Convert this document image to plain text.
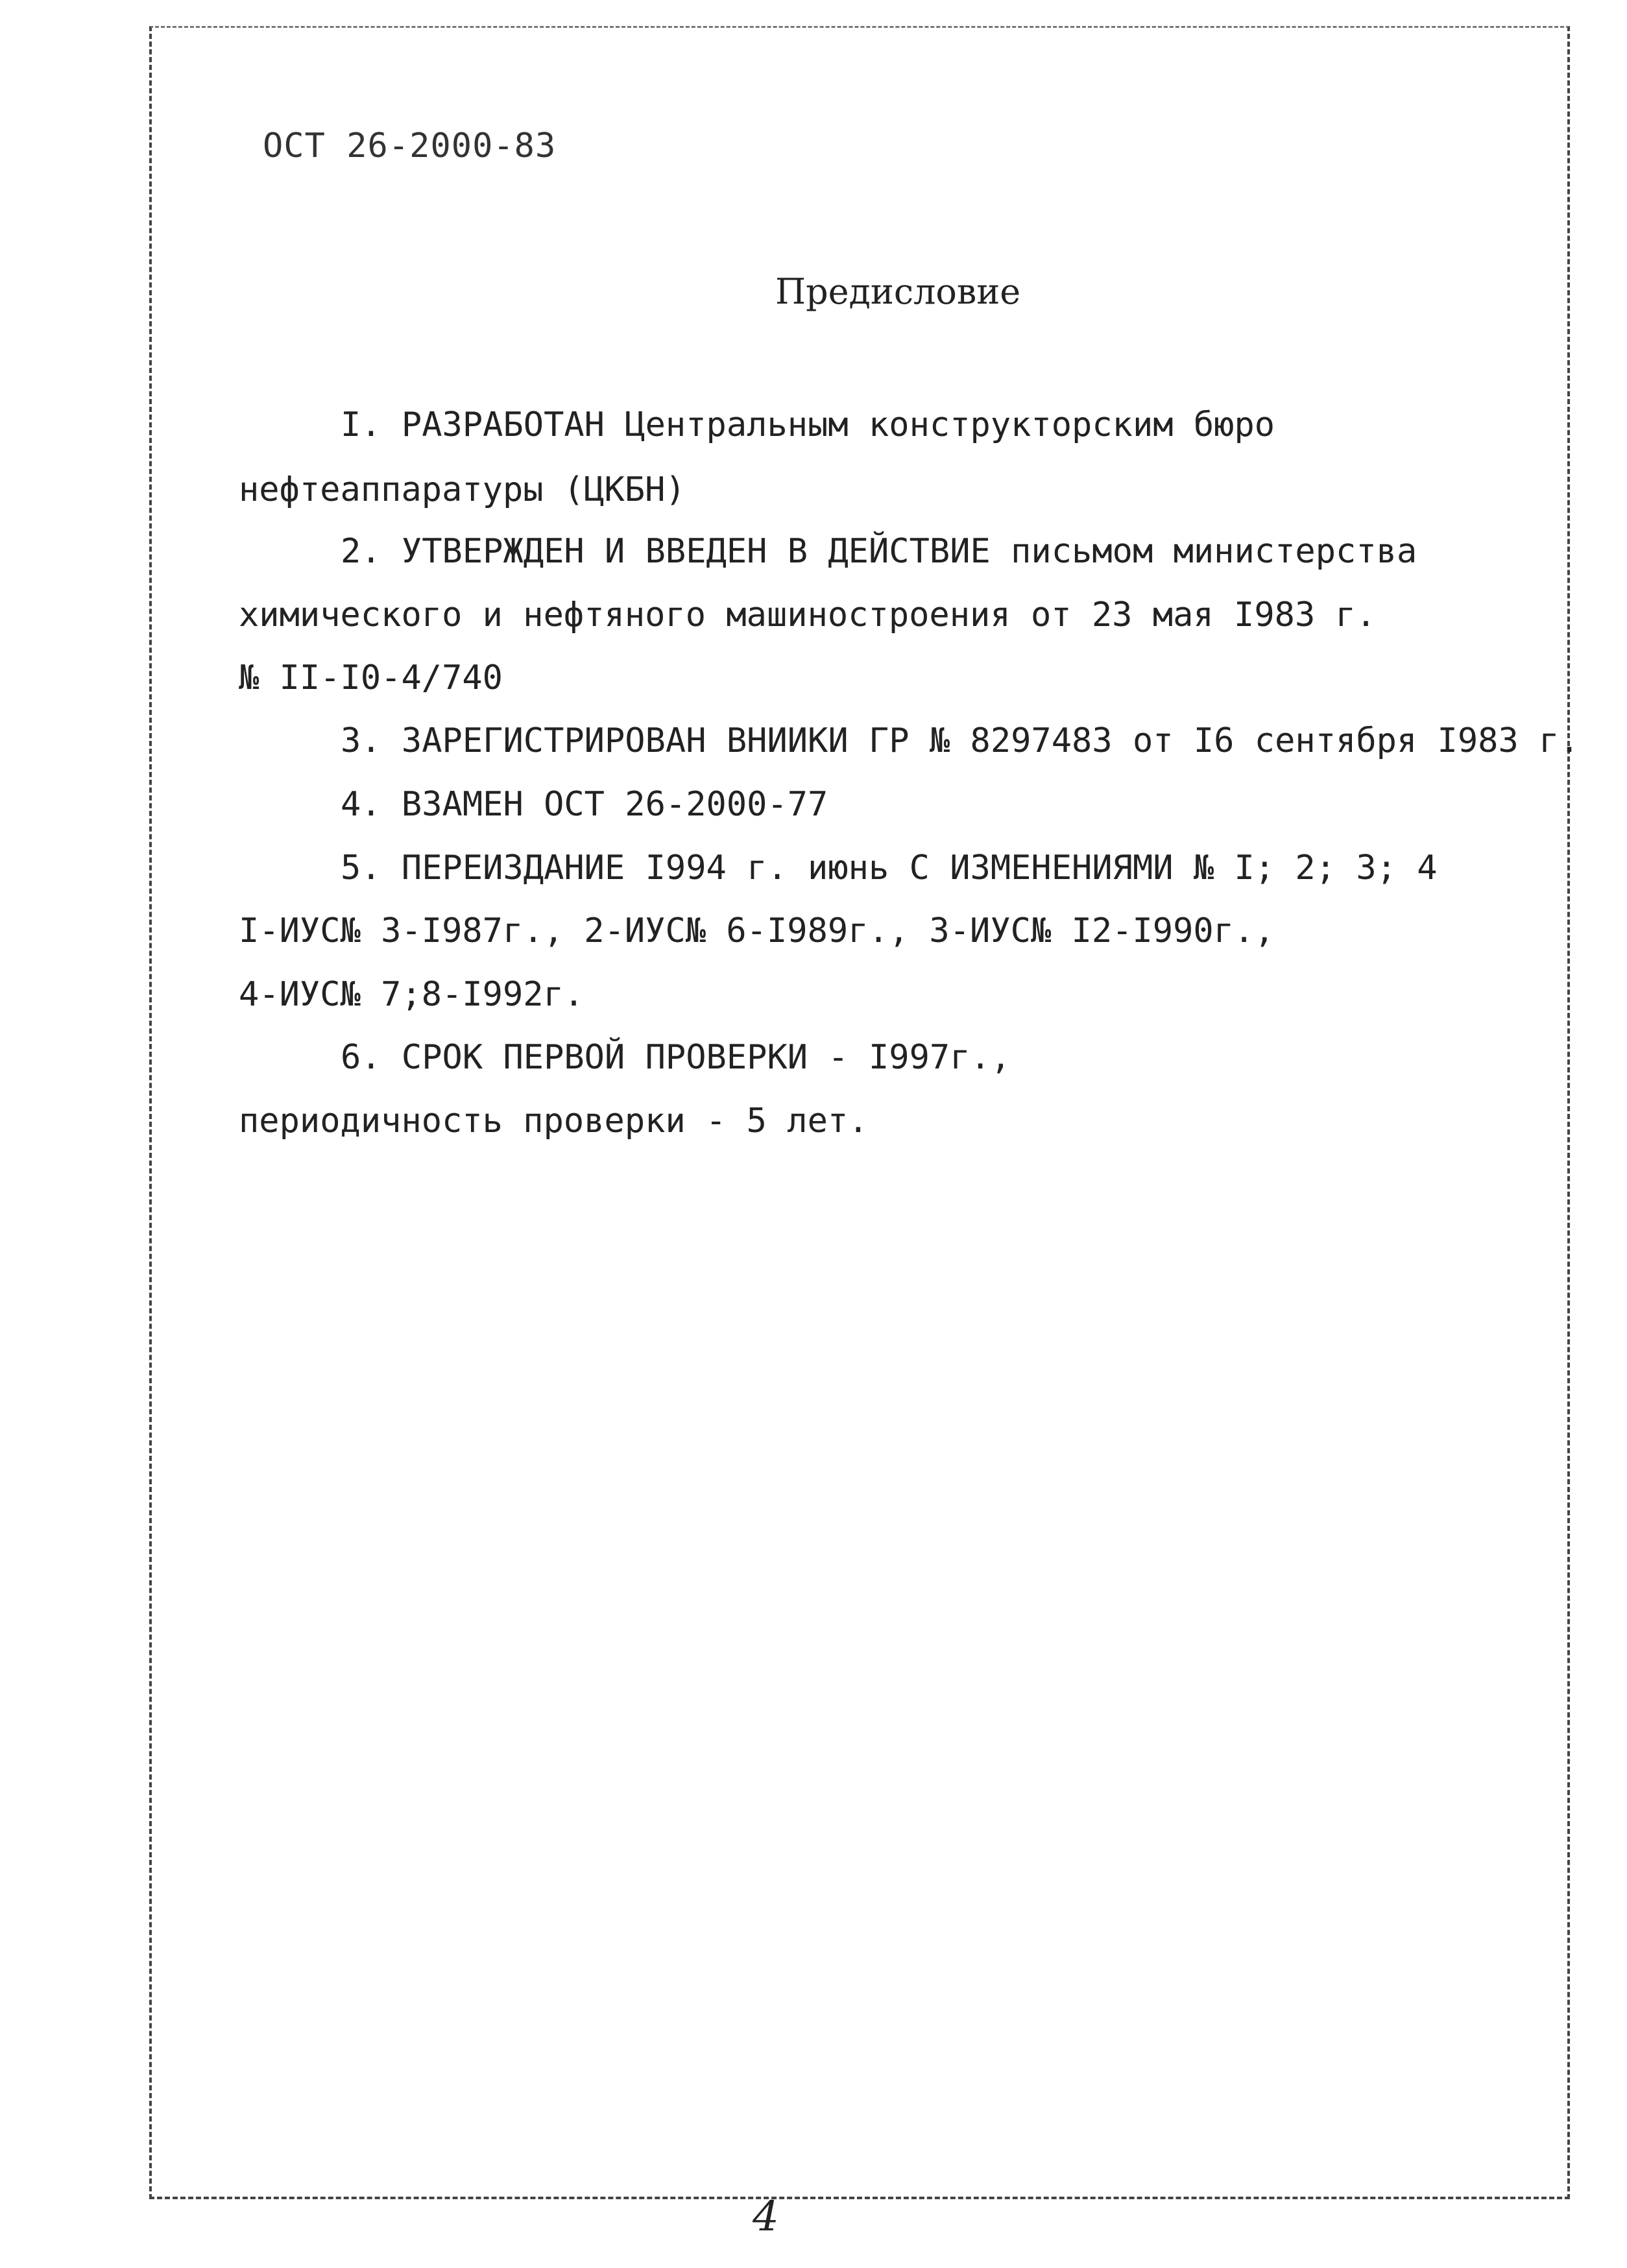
ОСТ 26-2000-83
Предисловие
I. РАЗРАБОТАН Центральным конструкторским бюро
нефтеаппаратуры (ЦКБН)
2. УТВЕРЖДЕН И ВВЕДЕН В ДЕЙСТВИЕ письмом министерства
химического и нефтяного машиностроения от 23 мая I983 г.
№ II-I0-4/740
3. ЗАРЕГИСТРИРОВАН ВНИИКИ ГР № 8297483 от I6 сентября I983 г.
4. ВЗАМЕН ОСТ 26-2000-77
5. ПЕРЕИЗДАНИЕ I994 г. июнь С ИЗМЕНЕНИЯМИ № I; 2; 3; 4
I-ИУС№ 3-I987г., 2-ИУС№ 6-I989г., 3-ИУС№ I2-I990г.,
4-ИУС№ 7;8-I992г.
6. СРОК ПЕРВОЙ ПРОВЕРКИ - I997г.,
периодичность проверки - 5 лет.
4
